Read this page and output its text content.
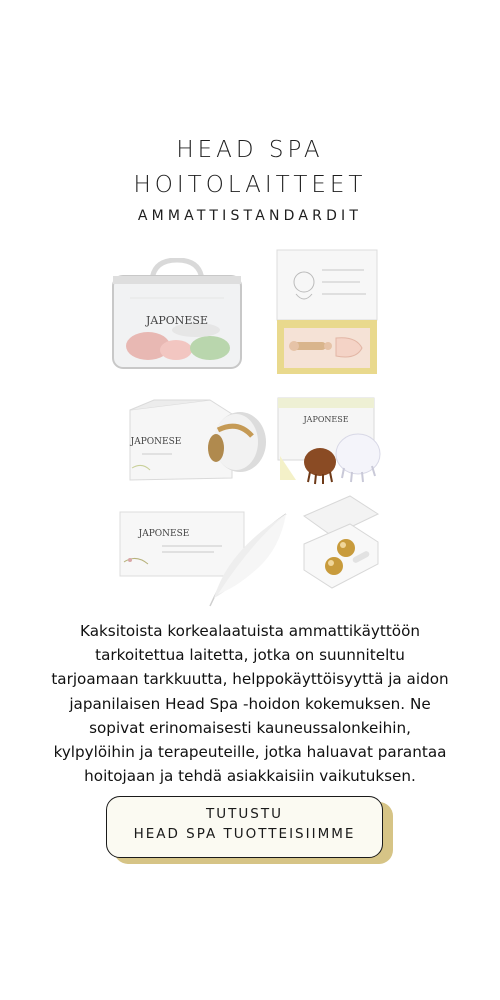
HEAD SPA
HOITOLAITTEET
AMMATTISTANDARDIT
JAPONESE
JAPONESE
JAPONESE
JAPONESE
Kaksitoista korkealaatuista ammattikäyttöön tarkoitettua laitetta, jotka on suunniteltu tarjoamaan tarkkuutta, helppokäyttöisyyttä ja aidon japanilaisen Head Spa -hoidon kokemuksen. Ne sopivat erinomaisesti kauneussalonkeihin, kylpylöihin ja terapeuteille, jotka haluavat parantaa hoitojaan ja tehdä asiakkaisiin vaikutuksen.
TUTUSTU
HEAD SPA TUOTTEISIIMME
